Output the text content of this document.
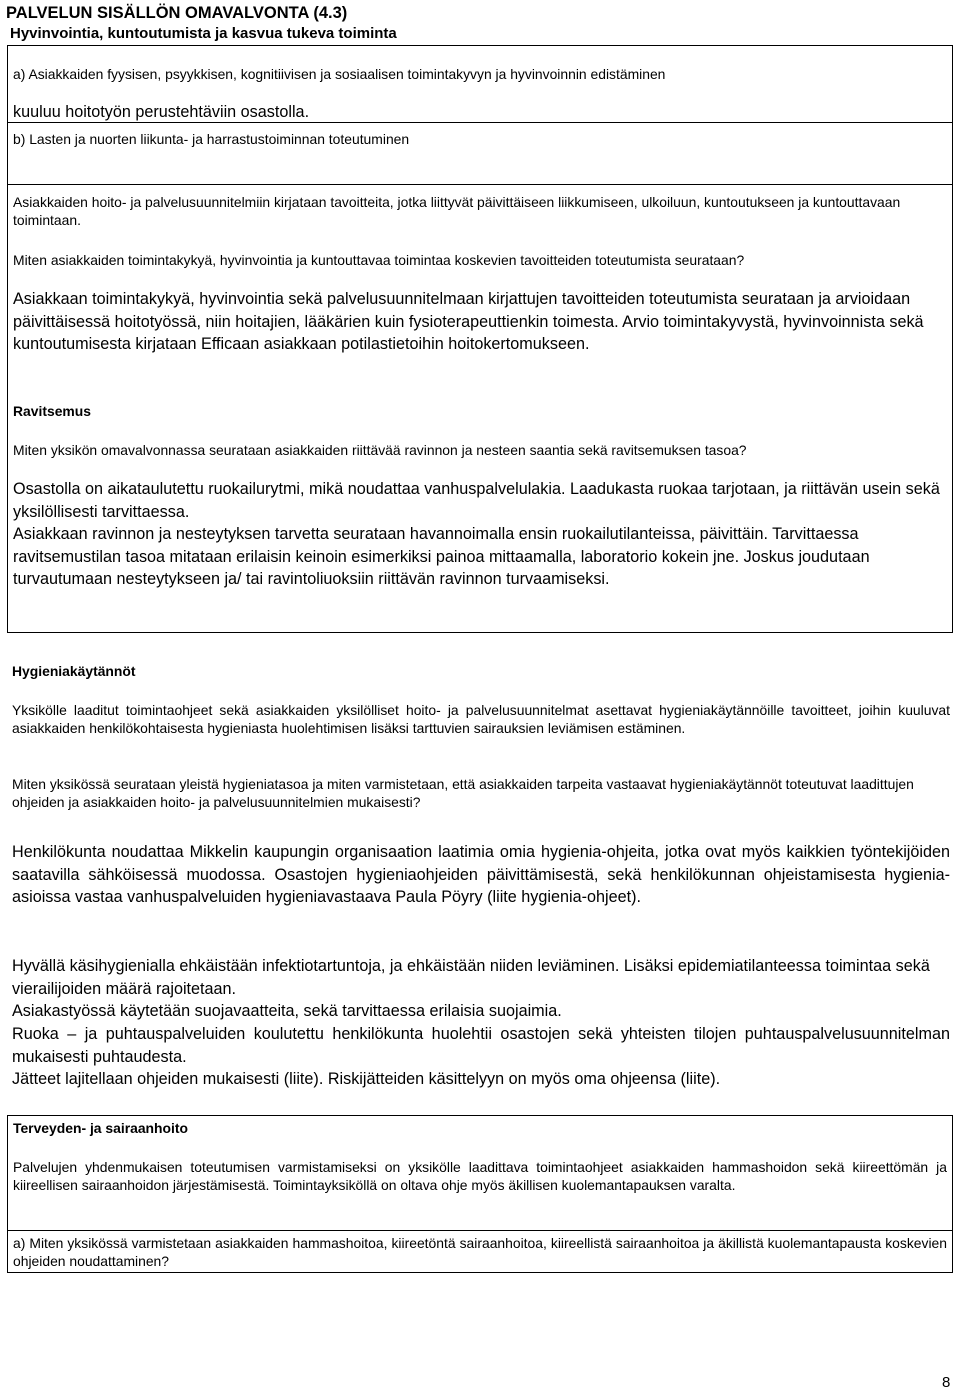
PALVELUN SISÄLLÖN OMAVALVONTA (4.3)
Hyvinvointia, kuntoutumista ja kasvua tukeva toiminta

a) Asiakkaiden fyysisen, psyykkisen, kognitiivisen ja sosiaalisen toimintakyvyn ja hyvinvoinnin edistäminen

kuuluu hoitotyön perustehtäviin osastolla.

b) Lasten ja nuorten liikunta- ja harrastustoiminnan toteutuminen

Asiakkaiden hoito- ja palvelusuunnitelmiin kirjataan tavoitteita, jotka liittyvät päivittäiseen liikkumiseen, ulkoiluun, kuntoutukseen ja kuntouttavaan toimintaan.

Miten asiakkaiden toimintakykyä, hyvinvointia ja kuntouttavaa toimintaa koskevien tavoitteiden toteutumista seurataan?

Asiakkaan toimintakykyä, hyvinvointia sekä palvelusuunnitelmaan kirjattujen tavoitteiden toteutumista seurataan ja arvioidaan päivittäisessä hoitotyössä, niin hoitajien, lääkärien kuin fysioterapeuttienkin toimesta. Arvio toimintakyvystä, hyvinvoinnista sekä kuntoutumisesta kirjataan Efficaan asiakkaan potilastietoihin hoitokertomukseen.

Ravitsemus

Miten yksikön omavalvonnassa seurataan asiakkaiden riittävää ravinnon ja nesteen saantia sekä ravitsemuksen tasoa?

Osastolla on aikataulutettu ruokailurytmi, mikä noudattaa vanhuspalvelulakia. Laadukasta ruokaa tarjotaan, ja riittävän usein sekä yksilöllisesti tarvittaessa.

Asiakkaan ravinnon ja nesteytyksen tarvetta seurataan havannoimalla ensin ruokailutilanteissa, päivittäin. Tarvittaessa ravitsemustilan tasoa mitataan erilaisin keinoin esimerkiksi painoa mittaamalla, laboratorio kokein jne. Joskus joudutaan turvautumaan nesteytykseen ja/ tai ravintoliuoksiin riittävän ravinnon turvaamiseksi.

Hygieniakäytännöt

Yksikölle laaditut toimintaohjeet sekä asiakkaiden yksilölliset hoito- ja palvelusuunnitelmat asettavat hygieniakäytännöille tavoitteet, joihin kuuluvat asiakkaiden henkilökohtaisesta hygieniasta huolehtimisen lisäksi tarttuvien sairauksien leviämisen estäminen.

Miten yksikössä seurataan yleistä hygieniatasoa ja miten varmistetaan, että asiakkaiden tarpeita vastaavat hygieniakäytännöt toteutuvat laadittujen ohjeiden ja asiakkaiden hoito- ja palvelusuunnitelmien mukaisesti?

Henkilökunta noudattaa Mikkelin kaupungin organisaation laatimia omia hygienia-ohjeita, jotka ovat myös kaikkien työntekijöiden saatavilla sähköisessä muodossa. Osastojen hygieniaohjeiden päivittämisestä, sekä henkilökunnan ohjeistamisesta hygienia-asioissa vastaa vanhuspalveluiden hygieniavastaava Paula Pöyry (liite hygienia-ohjeet).

Hyvällä käsihygienialla ehkäistään infektiotartuntoja, ja ehkäistään niiden leviäminen. Lisäksi epidemiatilanteessa toimintaa sekä vierailijoiden määrä rajoitetaan.

Asiakastyössä käytetään suojavaatteita, sekä tarvittaessa erilaisia suojaimia.

Ruoka – ja puhtauspalveluiden koulutettu henkilökunta huolehtii osastojen sekä yhteisten tilojen puhtauspalvelusuunnitelman mukaisesti puhtaudesta.

Jätteet lajitellaan ohjeiden mukaisesti (liite). Riskijätteiden käsittelyyn on myös oma ohjeensa (liite).

Terveyden- ja sairaanhoito

Palvelujen yhdenmukaisen toteutumisen varmistamiseksi on yksikölle laadittava toimintaohjeet asiakkaiden hammashoidon sekä kiireettömän ja kiireellisen sairaanhoidon järjestämisestä. Toimintayksiköllä on oltava ohje myös äkillisen kuolemantapauksen varalta.

a) Miten yksikössä varmistetaan asiakkaiden hammashoitoa, kiireetöntä sairaanhoitoa, kiireellistä sairaanhoitoa ja äkillistä kuolemantapausta koskevien ohjeiden noudattaminen?

8
